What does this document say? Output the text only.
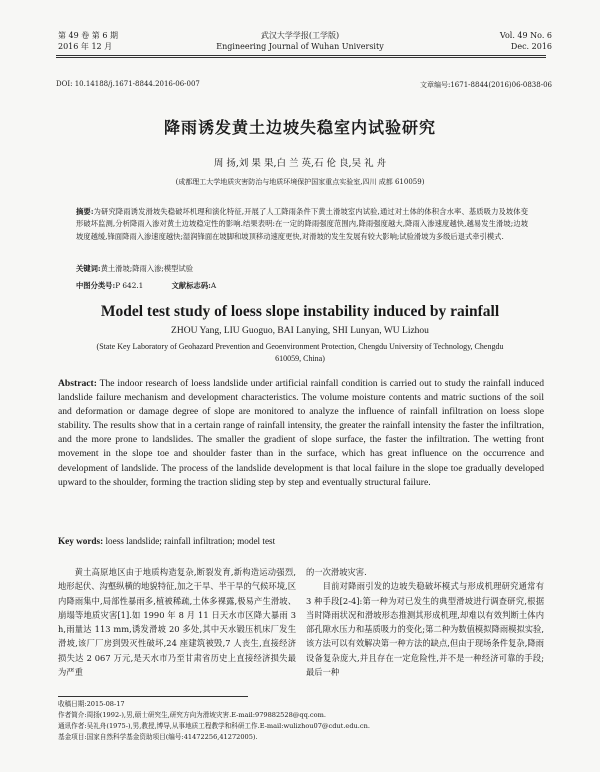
第 49 卷 第 6 期
2016 年 12 月
武汉大学学报(工学版)
Engineering Journal of Wuhan University
Vol. 49 No. 6
Dec. 2016
DOI: 10.14188/j.1671-8844.2016-06-007	文章编号:1671-8844(2016)06-0838-06
降雨诱发黄土边坡失稳室内试验研究
周 扬,刘 果 果,白 兰 英,石 伦 良,吴 礼 舟
(成都理工大学地质灾害防治与地质环境保护国家重点实验室,四川 成都 610059)
摘要:为研究降雨诱发滑坡失稳破坏机理和演化特征,开展了人工降雨条件下黄土滑坡室内试验,通过对土体的体积含水率、基质吸力及坡体变形破坏监测,分析降雨入渗对黄土边坡稳定性的影响.结果表明:在一定的降雨强度范围内,降雨强度越大,降雨入渗速度越快,越易发生滑坡;边坡坡度越缓,锋面降雨入渗速度越快;湿润锋面在坡脚和坡顶移动速度更快,对滑坡的发生发展有较大影响;试验滑坡为多级后退式牵引模式.
关键词:黄土滑坡;降雨入渗;模型试验
中图分类号:P 642.1	文献标志码:A
Model test study of loess slope instability induced by rainfall
ZHOU Yang, LIU Guoguo, BAI Lanying, SHI Lunyan, WU Lizhou
(State Key Laboratory of Geohazard Prevention and Geoenvironment Protection, Chengdu University of Technology, Chengdu 610059, China)
Abstract: The indoor research of loess landslide under artificial rainfall condition is carried out to study the rainfall induced landslide failure mechanism and development characteristics. The volume moisture contents and matric suctions of the soil and deformation or damage degree of slope are monitored to analyze the influence of rainfall infiltration on loess slope stability. The results show that in a certain range of rainfall intensity, the greater the rainfall intensity the faster the infiltration, and the more prone to landslides. The smaller the gradient of slope surface, the faster the infiltration. The wetting front movement in the slope toe and shoulder faster than in the surface, which has great influence on the occurrence and development of landslide. The process of the landslide development is that local failure in the slope toe gradually developed upward to the shoulder, forming the traction sliding step by step and eventually structural failure.
Key words: loess landslide; rainfall infiltration; model test

黄土高原地区由于地质构造复杂,断裂发育,新构造运动强烈,地形起伏、沟壑纵横的地貌特征,加之干旱、半干旱的气候环境,区内降雨集中,局部性暴雨多,植被稀疏,土体多裸露,极易产生滑坡、崩塌等地质灾害[1].如 1990 年 8 月 11 日天水市区降大暴雨 3 h,雨量达 113 mm,诱发滑坡 20 多处,其中天水锻压机床厂发生滑坡,该厂厂房到毁灭性破坏,24 座建筑被毁,7 人丧生,直接经济损失达 2 067 万元,是天水市乃至甘肃省历史上直接经济损失最为严重

的一次滑坡灾害.

目前对降雨引发的边坡失稳破坏模式与形成机理研究通常有 3 种手段[2-4]:第一种为对已发生的典型滑坡进行调查研究,根据当时降雨状况和滑坡形态推测其形成机理,却难以有效判断土体内部孔隙水压力和基质吸力的变化;第二种为数值模拟降雨模拟实验,该方法可以有效解决第一种方法的缺点,但由于现场条件复杂,降雨设备复杂庞大,并且存在一定危险性,并不是一种经济可靠的手段;最后一种

收稿日期:2015-08-17
作者简介:周扬(1992-),男,硕士研究生,研究方向为滑坡灾害.E-mail:979882528@qq.com.
通讯作者:吴礼舟(1975-),男,教授,博导,从事地质工程教学和科研工作.E-mail:wulizhou07@cdut.edu.cn.
基金项目:国家自然科学基金资助项目(编号:41472256,41272005).
